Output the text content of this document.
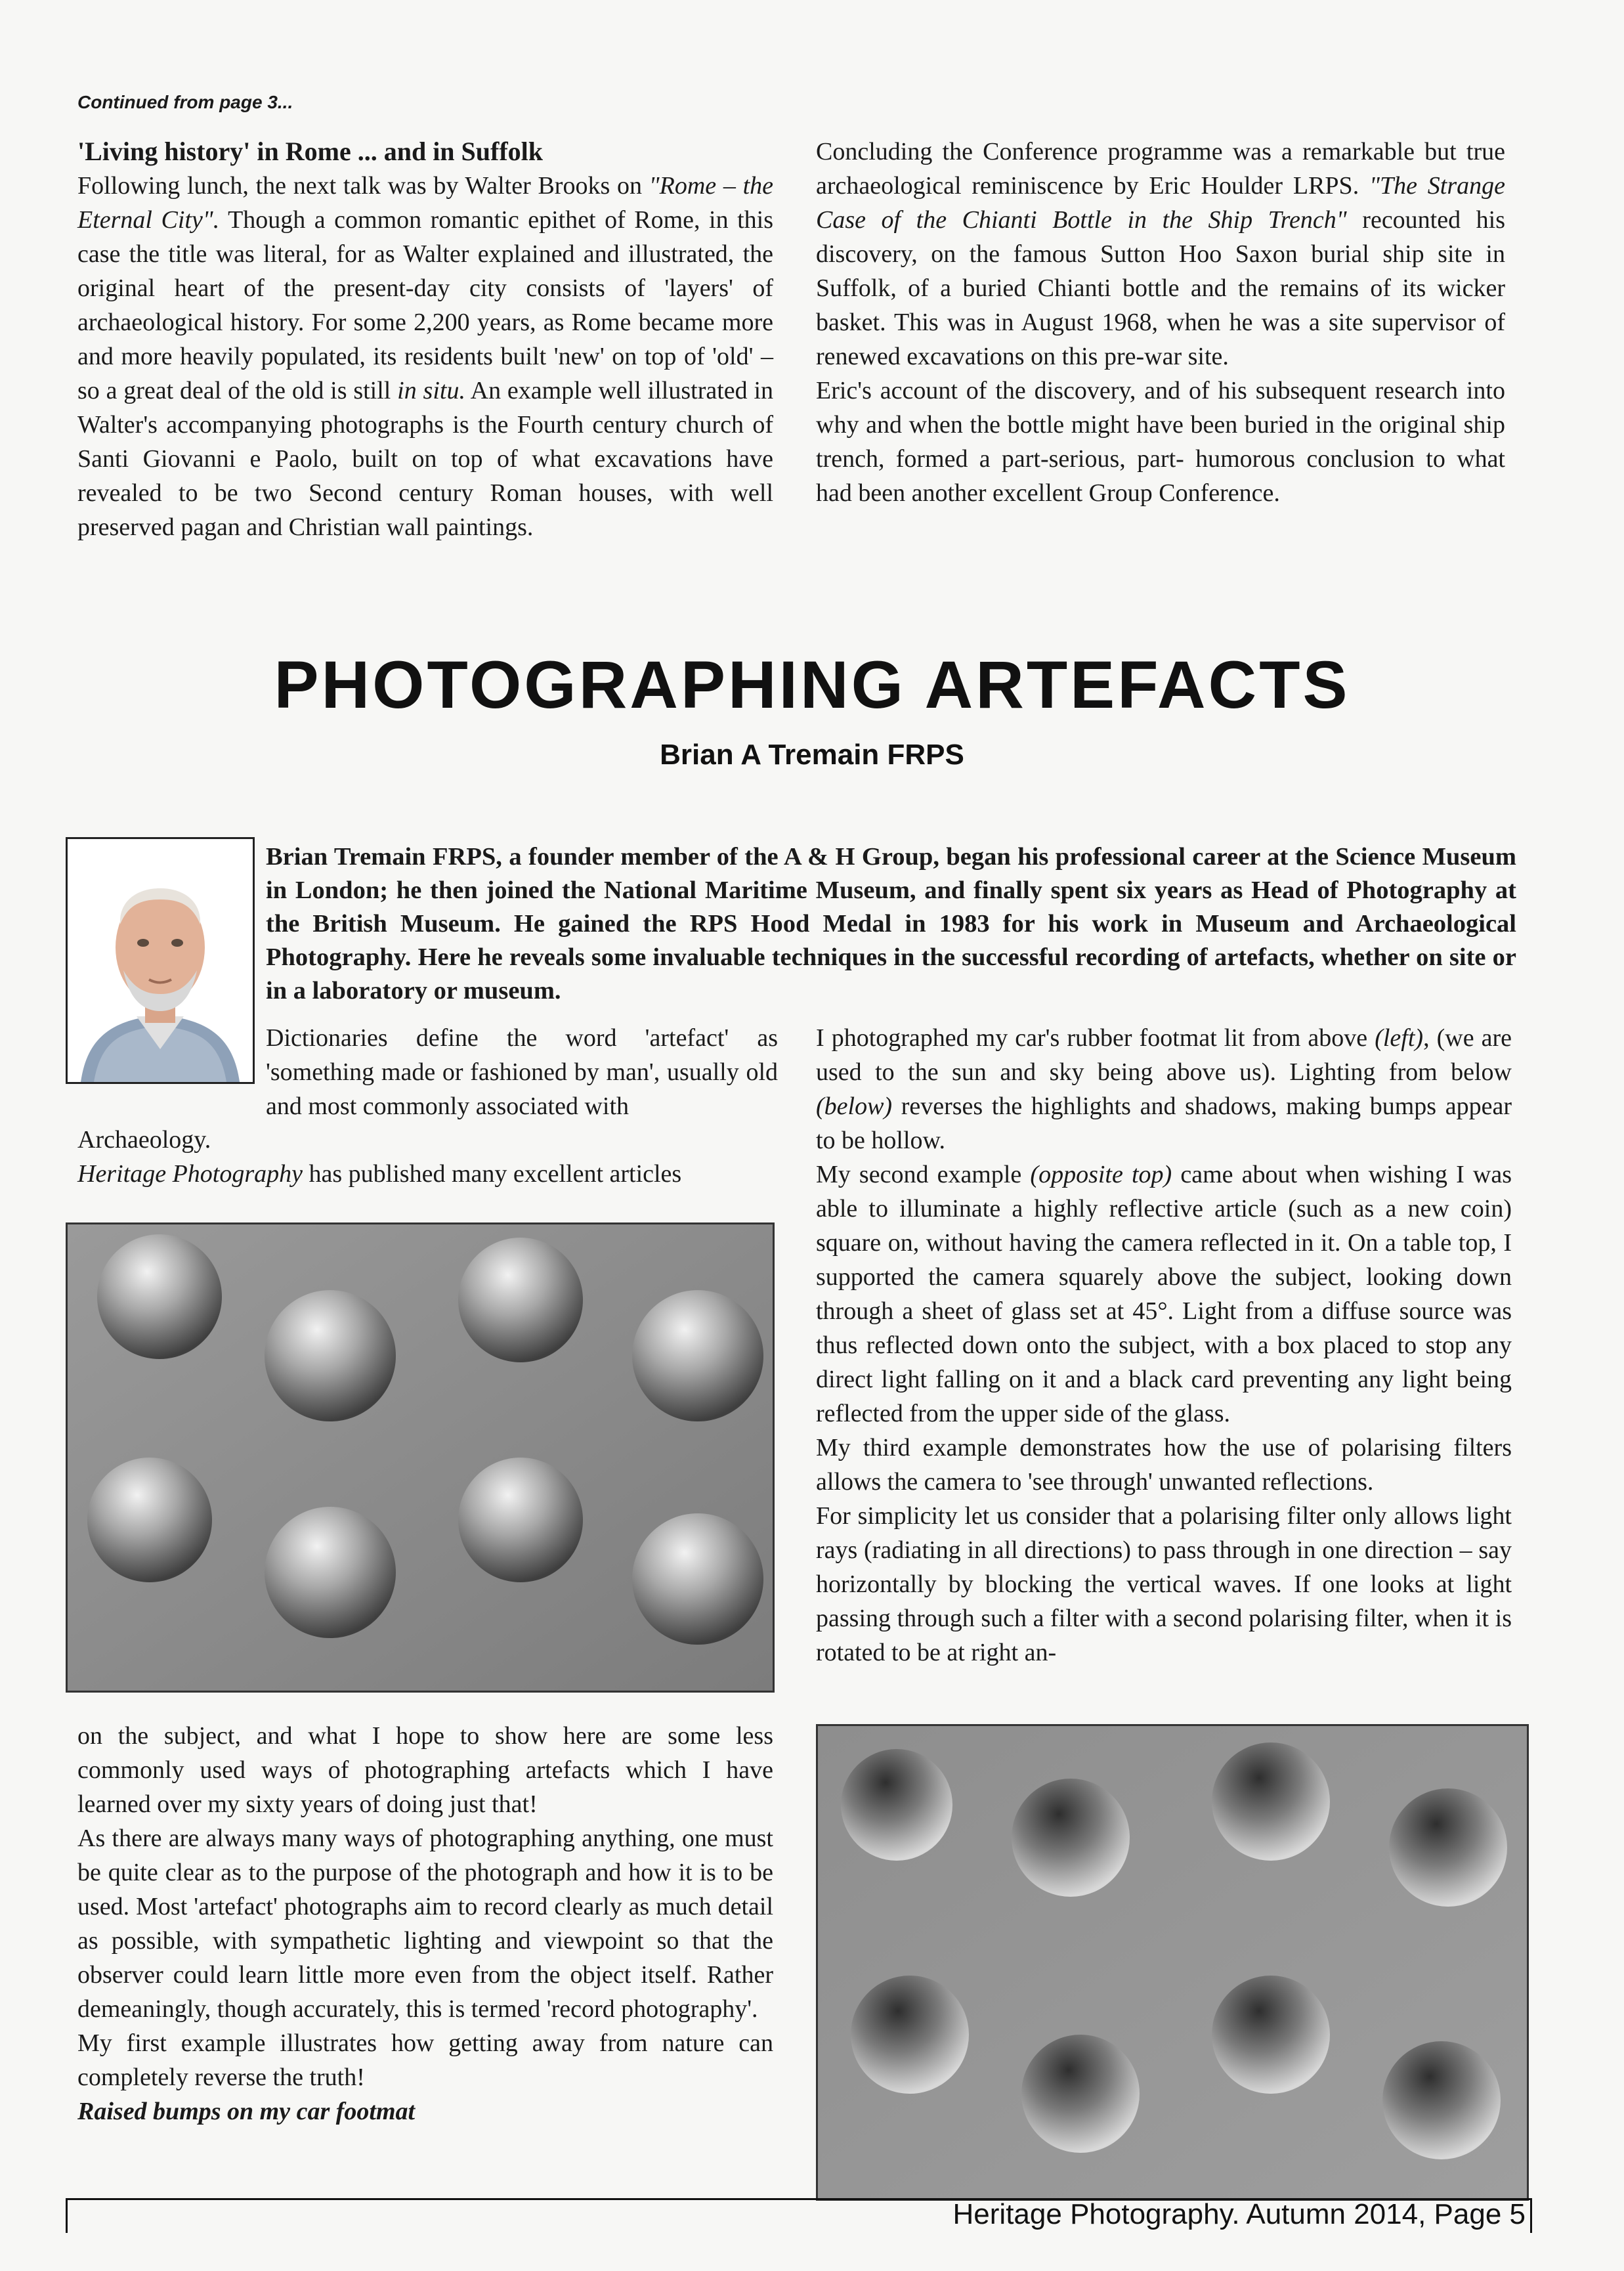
Continued from page 3...

'Living history' in Rome ... and in Suffolk

Following lunch, the next talk was by Walter Brooks on "Rome – the Eternal City". Though a common romantic epithet of Rome, in this case the title was literal, for as Walter explained and illustrated, the original heart of the present-day city consists of 'layers' of archaeological history. For some 2,200 years, as Rome became more and more heavily populated, its residents built 'new' on top of 'old' – so a great deal of the old is still in situ. An example well illustrated in Walter's accompanying photographs is the Fourth century church of Santi Giovanni e Paolo, built on top of what excavations have revealed to be two Second century Roman houses, with well preserved pagan and Christian wall paintings.

Concluding the Conference programme was a remarkable but true archaeological reminiscence by Eric Houlder LRPS. "The Strange Case of the Chianti Bottle in the Ship Trench" recounted his discovery, on the famous Sutton Hoo Saxon burial ship site in Suffolk, of a buried Chianti bottle and the remains of its wicker basket. This was in August 1968, when he was a site supervisor of renewed excavations on this pre-war site.

Eric's account of the discovery, and of his subsequent research into why and when the bottle might have been buried in the original ship trench, formed a part-serious, part- humorous conclusion to what had been another excellent Group Conference.

PHOTOGRAPHING ARTEFACTS
Brian A Tremain FRPS
Brian Tremain FRPS, a founder member of the A & H Group, began his professional career at the Science Museum in London; he then joined the National Maritime Museum, and finally spent six years as Head of Photography at the British Museum. He gained the RPS Hood Medal in 1983 for his work in Museum and Archaeological Photography. Here he reveals some invaluable techniques in the successful recording of artefacts, whether on site or in a laboratory or museum.

Dictionaries define the word 'artefact' as 'something made or fashioned by man', usually old and most commonly associated with

Archaeology.

Heritage Photography has published many excellent articles

on the subject, and what I hope to show here are some less commonly used ways of photographing artefacts which I have learned over my sixty years of doing just that!

As there are always many ways of photographing anything, one must be quite clear as to the purpose of the photograph and how it is to be used. Most 'artefact' photographs aim to record clearly as much detail as possible, with sympathetic lighting and viewpoint so that the observer could learn little more even from the object itself. Rather demeaningly, though accurately, this is termed 'record photography'.

My first example illustrates how getting away from nature can completely reverse the truth!

Raised bumps on my car footmat

I photographed my car's rubber footmat lit from above (left), (we are used to the sun and sky being above us). Lighting from below (below) reverses the highlights and shadows, making bumps appear to be hollow.

My second example (opposite top) came about when wishing I was able to illuminate a highly reflective article (such as a new coin) square on, without having the camera reflected in it. On a table top, I supported the camera squarely above the subject, looking down through a sheet of glass set at 45°. Light from a diffuse source was thus reflected down onto the subject, with a box placed to stop any direct light falling on it and a black card preventing any light being reflected from the upper side of the glass.

My third example demonstrates how the use of polarising filters allows the camera to 'see through' unwanted reflections.

For simplicity let us consider that a polarising filter only allows light rays (radiating in all directions) to pass through in one direction – say horizontally by blocking the vertical waves. If one looks at light passing through such a filter with a second polarising filter, when it is rotated to be at right an-

Heritage Photography. Autumn 2014, Page 5
